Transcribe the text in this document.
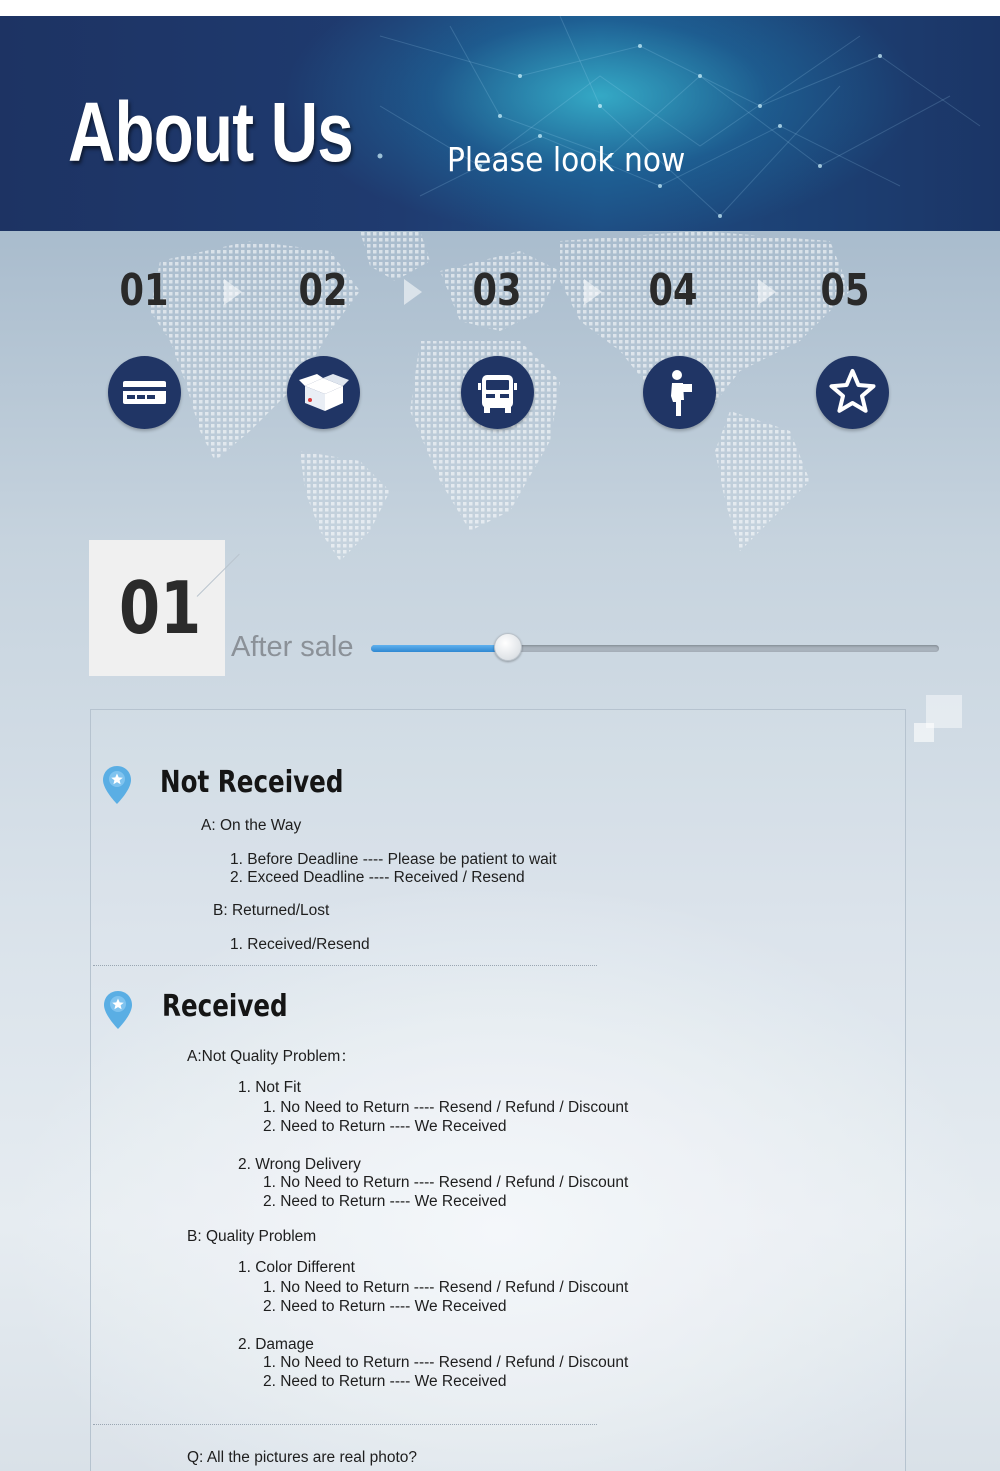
About Us	Please look now
01	02	03	04	05
01 After sale
Not Received
A: On the Way
1. Before Deadline ---- Please be patient to wait
2. Exceed Deadline ---- Received / Resend
B: Returned/Lost
1. Received/Resend
Received
A:Not Quality Problem：
1. Not Fit
1. No Need to Return ---- Resend / Refund / Discount
2. Need to Return ---- We Received
2. Wrong Delivery
1. No Need to Return ---- Resend / Refund / Discount
2. Need to Return ---- We Received
B: Quality Problem
1. Color Different
1. No Need to Return ---- Resend / Refund / Discount
2. Need to Return ---- We Received
2. Damage
1. No Need to Return ---- Resend / Refund / Discount
2. Need to Return ---- We Received
Q: All the pictures are real photo?
